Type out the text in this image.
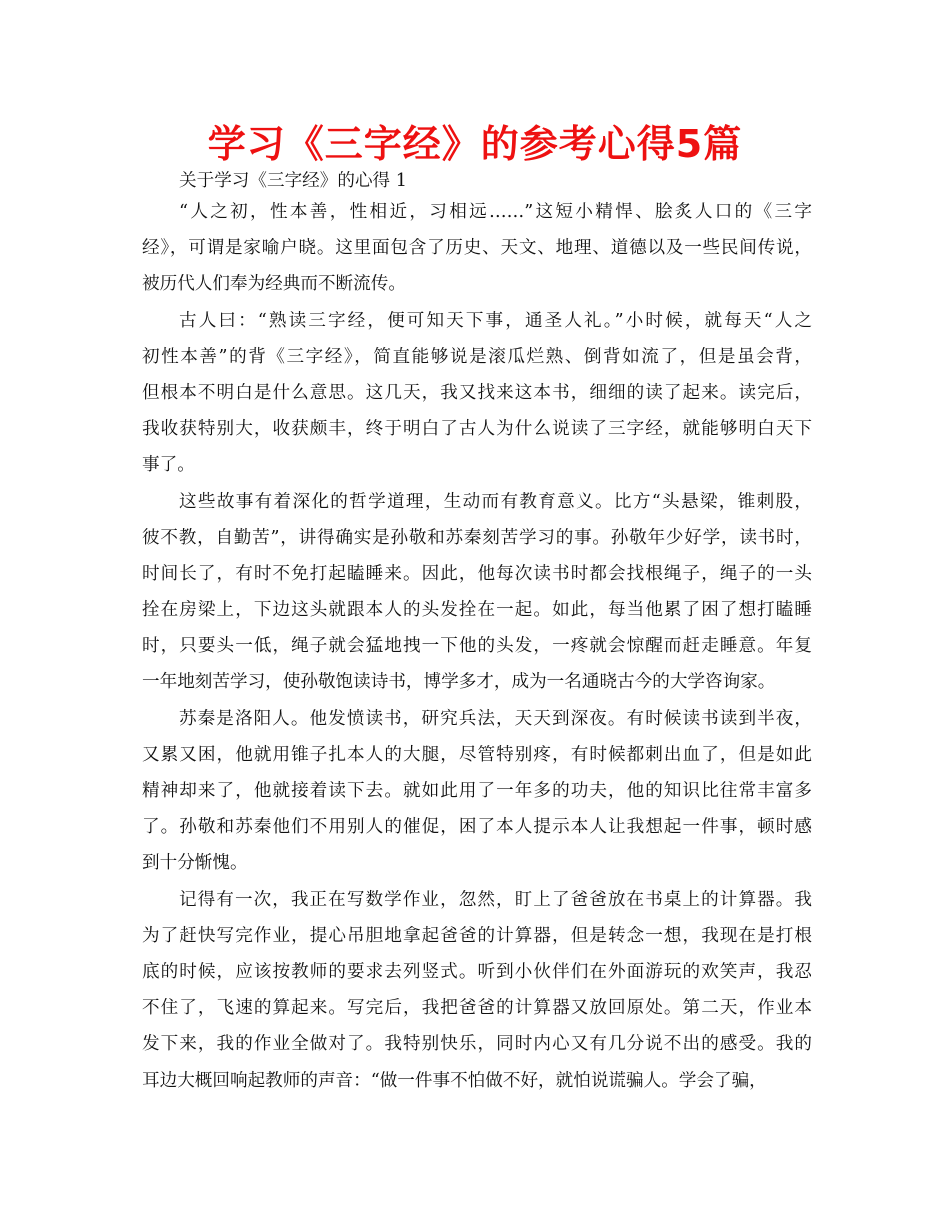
学习《三字经》的参考心得5篇
关于学习《三字经》的心得 1
“人之初，性本善，性相近，习相远……”这短小精悍、脍炙人口的《三字
经》，可谓是家喻户晓。这里面包含了历史、天文、地理、道德以及一些民间传说，
被历代人们奉为经典而不断流传。
古人曰：“熟读三字经，便可知天下事，通圣人礼。”小时候，就每天“人之
初性本善”的背《三字经》，简直能够说是滚瓜烂熟、倒背如流了，但是虽会背，
但根本不明白是什么意思。这几天，我又找来这本书，细细的读了起来。读完后，
我收获特别大，收获颇丰，终于明白了古人为什么说读了三字经，就能够明白天下
事了。
这些故事有着深化的哲学道理，生动而有教育意义。比方“头悬梁，锥刺股，
彼不教，自勤苦”，讲得确实是孙敬和苏秦刻苦学习的事。孙敬年少好学，读书时，
时间长了，有时不免打起瞌睡来。因此，他每次读书时都会找根绳子，绳子的一头
拴在房梁上，下边这头就跟本人的头发拴在一起。如此，每当他累了困了想打瞌睡
时，只要头一低，绳子就会猛地拽一下他的头发，一疼就会惊醒而赶走睡意。年复
一年地刻苦学习，使孙敬饱读诗书，博学多才，成为一名通晓古今的大学咨询家。
苏秦是洛阳人。他发愤读书，研究兵法，天天到深夜。有时候读书读到半夜，
又累又困，他就用锥子扎本人的大腿，尽管特别疼，有时候都刺出血了，但是如此
精神却来了，他就接着读下去。就如此用了一年多的功夫，他的知识比往常丰富多
了。孙敬和苏秦他们不用别人的催促，困了本人提示本人让我想起一件事，顿时感
到十分惭愧。
记得有一次，我正在写数学作业，忽然，盯上了爸爸放在书桌上的计算器。我
为了赶快写完作业，提心吊胆地拿起爸爸的计算器，但是转念一想，我现在是打根
底的时候，应该按教师的要求去列竖式。听到小伙伴们在外面游玩的欢笑声，我忍
不住了，飞速的算起来。写完后，我把爸爸的计算器又放回原处。第二天，作业本
发下来，我的作业全做对了。我特别快乐，同时内心又有几分说不出的感受。我的
耳边大概回响起教师的声音：“做一件事不怕做不好，就怕说谎骗人。学会了骗，
